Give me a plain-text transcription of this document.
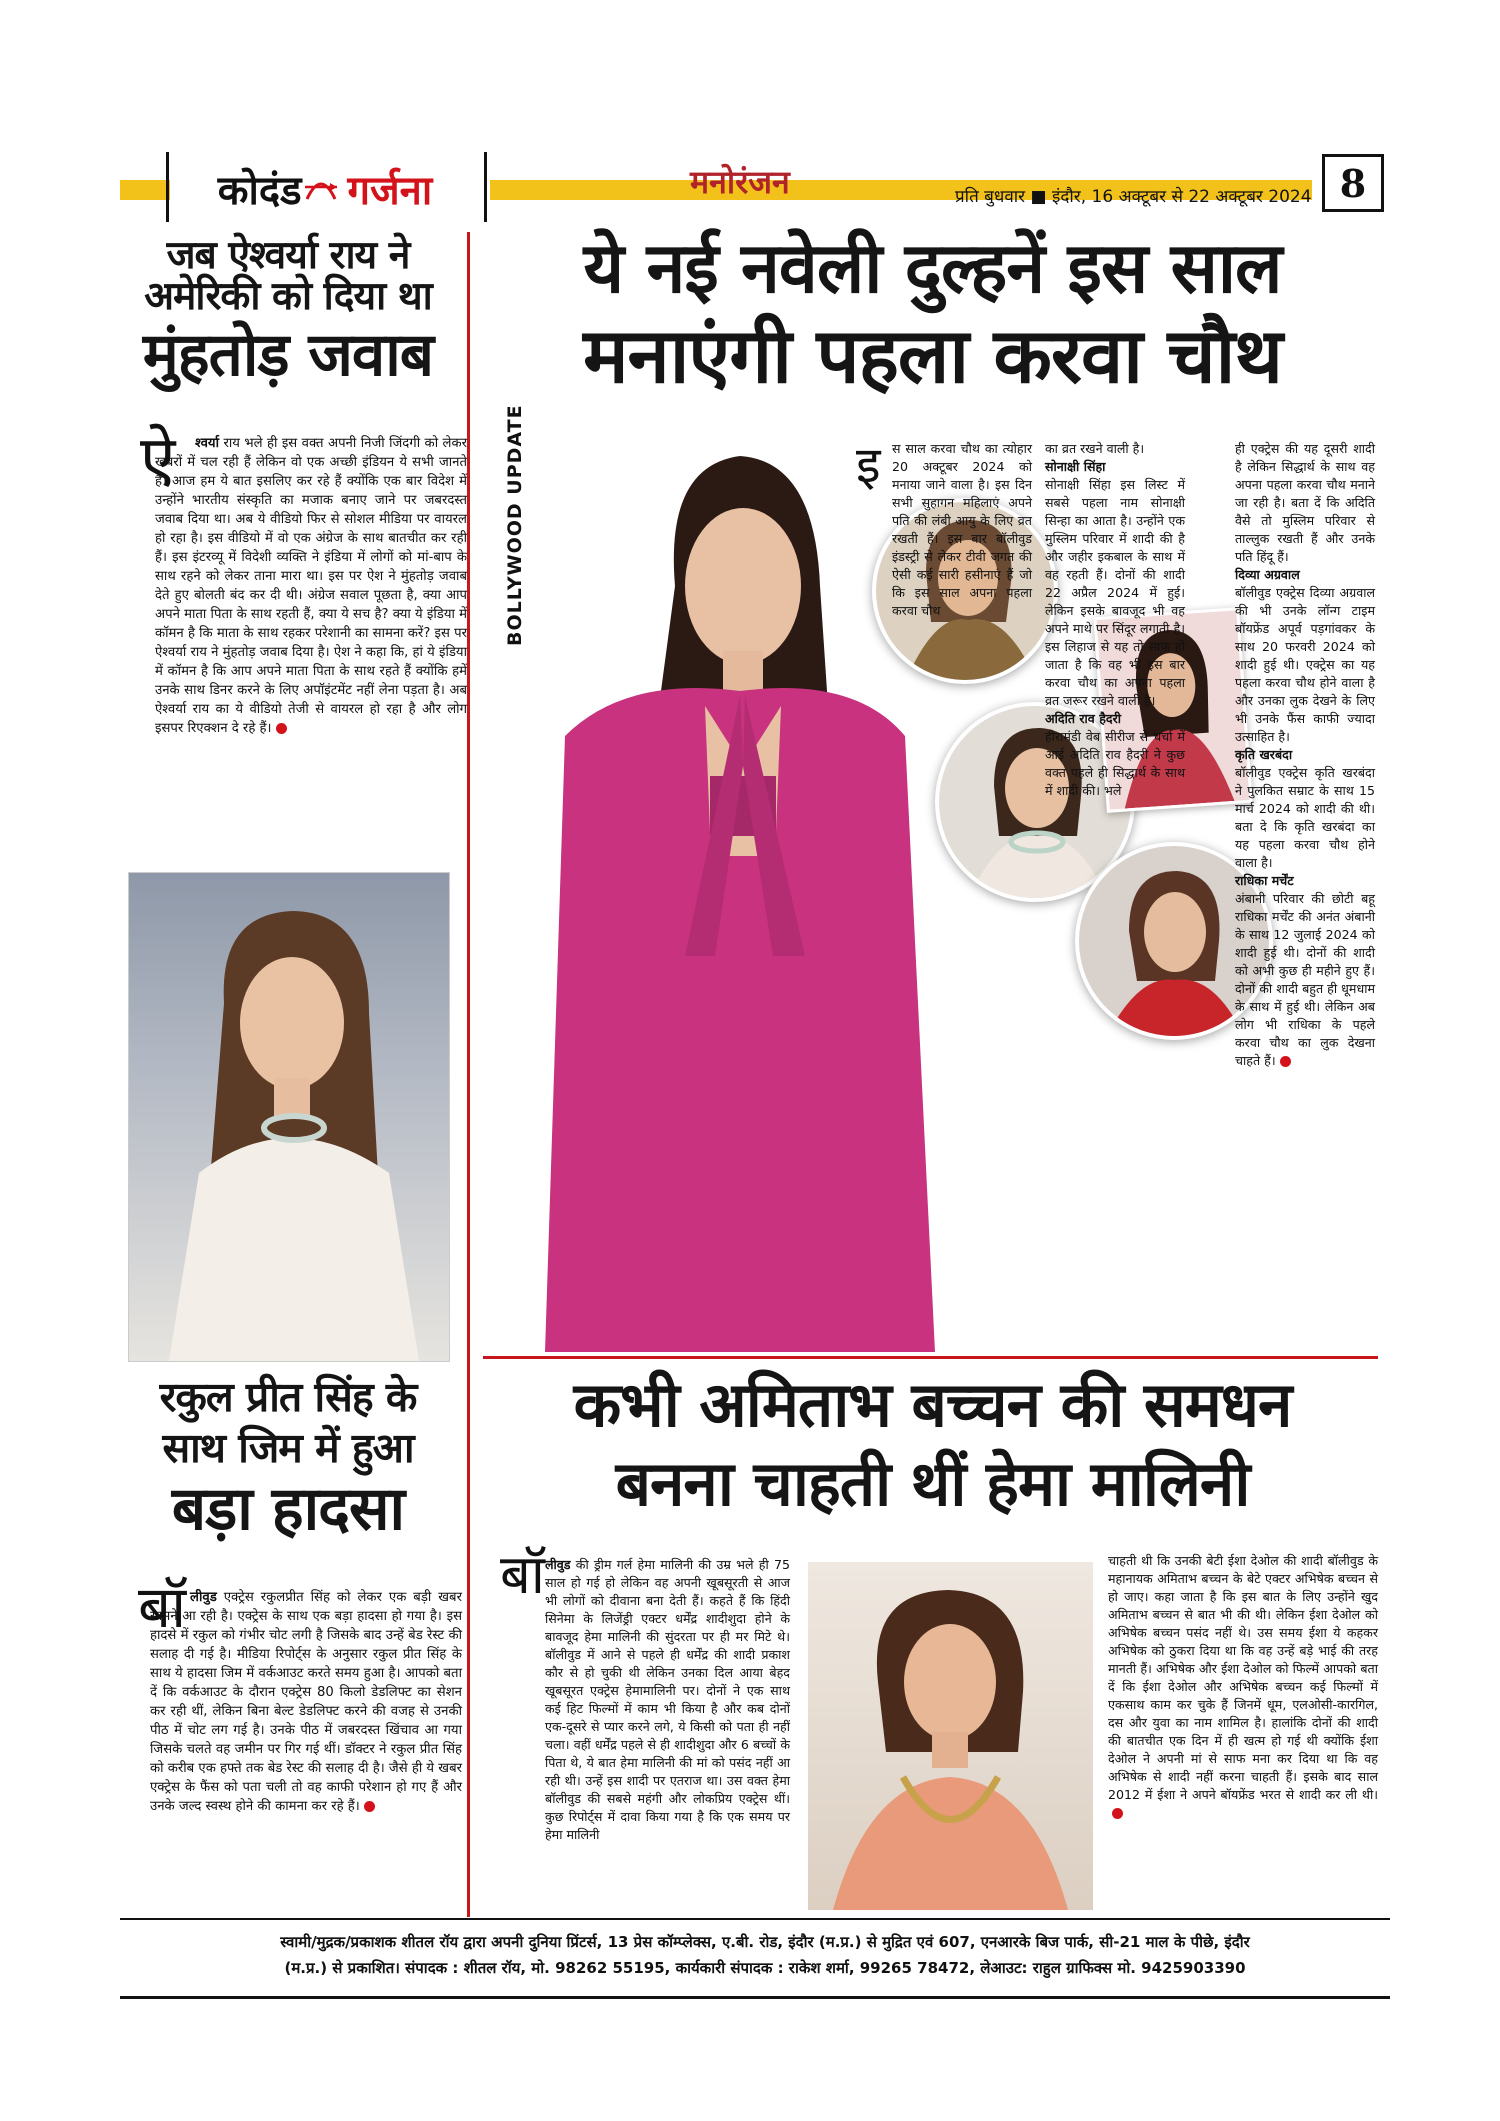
कोदंड गर्जना	मनोरंजन	प्रति बुधवार ■ इंदौर, 16 अक्टूबर से 22 अक्टूबर 2024 8
जब ऐश्वर्या राय ने
अमेरिकी को दिया था
मुंहतोड़ जवाब
ऐ	श्वर्या राय भले ही इस वक्त अपनी निजी जिंदगी को लेकर खबरों में चल रही हैं लेकिन वो एक अच्छी इंडियन ये सभी जानते हैं। आज हम ये बात इसलिए कर रहे हैं क्योंकि एक बार विदेश में उन्होंने भारतीय संस्कृति का मजाक बनाए जाने पर जबरदस्त जवाब दिया था। अब ये वीडियो फिर से सोशल मीडिया पर वायरल हो रहा है। इस वीडियो में वो एक अंग्रेज के साथ बातचीत कर रही हैं। इस इंटरव्यू में विदेशी व्यक्ति ने इंडिया में लोगों को मां-बाप के साथ रहने को लेकर ताना मारा था। इस पर ऐश ने मुंहतोड़ जवाब देते हुए बोलती बंद कर दी थी। अंग्रेज सवाल पूछता है, क्या आप अपने माता पिता के साथ रहती हैं, क्या ये सच है? क्या ये इंडिया में कॉमन है कि माता के साथ रहकर परेशानी का सामना करें? इस पर ऐश्वर्या राय ने मुंहतोड़ जवाब दिया है। ऐश ने कहा कि, हां ये इंडिया में कॉमन है कि आप अपने माता पिता के साथ रहते हैं क्योंकि हमें उनके साथ डिनर करने के लिए अपॉइंटमेंट नहीं लेना पड़ता है। अब ऐश्वर्या राय का ये वीडियो तेजी से वायरल हो रहा है और लोग इसपर रिएक्शन दे रहे हैं।

रकुल प्रीत सिंह के
साथ जिम में हुआ
बड़ा हादसा
बॉ लीवुड एक्ट्रेस रकुलप्रीत सिंह को लेकर एक बड़ी खबर सामने आ रही है। एक्ट्रेस के साथ एक बड़ा हादसा हो गया है। इस हादसे में रकुल को गंभीर चोट लगी है जिसके बाद उन्हें बेड रेस्ट की सलाह दी गई है। मीडिया रिपोर्ट्स के अनुसार रकुल प्रीत सिंह के साथ ये हादसा जिम में वर्कआउट करते समय हुआ है। आपको बता दें कि वर्कआउट के दौरान एक्ट्रेस 80 किलो डेडलिफ्ट का सेशन कर रही थीं, लेकिन बिना बेल्ट डेडलिफ्ट करने की वजह से उनकी पीठ में चोट लग गई है। उनके पीठ में जबरदस्त खिंचाव आ गया जिसके चलते वह जमीन पर गिर गई थीं। डॉक्टर ने रकुल प्रीत सिंह को करीब एक हफ्ते तक बेड रेस्ट की सलाह दी है। जैसे ही ये खबर एक्ट्रेस के फैंस को पता चली तो वह काफी परेशान हो गए हैं और उनके जल्द स्वस्थ होने की कामना कर रहे हैं।

ये नई नवेली दुल्हनें इस साल
मनाएंगी पहला करवा चौथ
BOLLYWOOD UPDATE	इ स साल करवा चौथ का त्योहार 20 अक्टूबर 2024 को मनाया जाने वाला है। इस दिन सभी सुहागन महिलाएं अपने पति की लंबी आयु के लिए व्रत रखती हैं। इस बार बॉलीवुड इंडस्ट्री से लेकर टीवी जगत की ऐसी कई सारी हसीनाएं हैं जो कि इस साल अपना पहला करवा चौथ

का व्रत रखने वाली है।
सोनाक्षी सिंहा
सोनाक्षी सिंहा इस लिस्ट में सबसे पहला नाम सोनाक्षी सिन्हा का आता है। उन्होंने एक मुस्लिम परिवार में शादी की है और जहीर इकबाल के साथ में वह रहती हैं। दोनों की शादी 22 अप्रैल 2024 में हुई। लेकिन इसके बावजूद भी वह अपने माथे पर सिंदूर लगाती है। इस लिहाज से यह तो साफ हो जाता है कि वह भी इस बार करवा चौथ का अपना पहला व्रत जरूर रखने वाली है।
अदिति राव हैदरी
हीरामंडी वेब सीरीज से चर्चा में आई अदिति राव हैदरी ने कुछ वक्त पहले ही सिद्धार्थ के साथ में शादी की। भले

ही एक्ट्रेस की यह दूसरी शादी है लेकिन सिद्धार्थ के साथ वह अपना पहला करवा चौथ मनाने जा रही है। बता दें कि अदिति वैसे तो मुस्लिम परिवार से ताल्लुक रखती हैं और उनके पति हिंदू हैं।
दिव्या अग्रवाल
बॉलीवुड एक्ट्रेस दिव्या अग्रवाल की भी उनके लॉन्ग टाइम बॉयफ्रेंड अपूर्व पड़गांवकर के साथ 20 फरवरी 2024 को शादी हुई थी। एक्ट्रेस का यह पहला करवा चौथ होने वाला है और उनका लुक देखने के लिए भी उनके फैंस काफी ज्यादा उत्साहित है।
कृति खरबंदा
बॉलीवुड एक्ट्रेस कृति खरबंदा ने पुलकित सम्राट के साथ 15 मार्च 2024 को शादी की थी। बता दे कि कृति खरबंदा का यह पहला करवा चौथ होने वाला है।
राधिका मर्चेंट
अंबानी परिवार की छोटी बहू राधिका मर्चेंट की अनंत अंबानी के साथ 12 जुलाई 2024 को शादी हुई थी। दोनों की शादी को अभी कुछ ही महीने हुए हैं। दोनों की शादी बहुत ही धूमधाम के साथ में हुई थी। लेकिन अब लोग भी राधिका के पहले करवा चौथ का लुक देखना चाहते हैं।

कभी अमिताभ बच्चन की समधन
बनना चाहती थीं हेमा मालिनी
बॉ लीवुड की ड्रीम गर्ल हेमा मालिनी की उम्र भले ही 75 साल हो गई हो लेकिन वह अपनी खूबसूरती से आज भी लोगों को दीवाना बना देती हैं। कहते हैं कि हिंदी सिनेमा के लिजेंड्री एक्टर धर्मेंद्र शादीशुदा होने के बावजूद हेमा मालिनी की सुंदरता पर ही मर मिटे थे। बॉलीवुड में आने से पहले ही धर्मेंद्र की शादी प्रकाश कौर से हो चुकी थी लेकिन उनका दिल आया बेहद खूबसूरत एक्ट्रेस हेमामालिनी पर। दोनों ने एक साथ कई हिट फिल्मों में काम भी किया है और कब दोनों एक-दूसरे से प्यार करने लगे, ये किसी को पता ही नहीं चला। वहीं धर्मेंद्र पहले से ही शादीशुदा और 6 बच्चों के पिता थे, ये बात हेमा मालिनी की मां को पसंद नहीं आ रही थी। उन्हें इस शादी पर एतराज था। उस वक्त हेमा बॉलीवुड की सबसे महंगी और लोकप्रिय एक्ट्रेस थीं। कुछ रिपोर्ट्स में दावा किया गया है कि एक समय पर हेमा मालिनी

चाहती थी कि उनकी बेटी ईशा देओल की शादी बॉलीवुड के महानायक अमिताभ बच्चन के बेटे एक्टर अभिषेक बच्चन से हो जाए। कहा जाता है कि इस बात के लिए उन्होंने खुद अमिताभ बच्चन से बात भी की थी। लेकिन ईशा देओल को अभिषेक बच्चन पसंद नहीं थे। उस समय ईशा ये कहकर अभिषेक को ठुकरा दिया था कि वह उन्हें बड़े भाई की तरह मानती हैं। अभिषेक और ईशा देओल को फिल्में आपको बता दें कि ईशा देओल और अभिषेक बच्चन कई फिल्मों में एकसाथ काम कर चुके हैं जिनमें धूम, एलओसी-कारगिल, दस और युवा का नाम शामिल है। हालांकि दोनों की शादी की बातचीत एक दिन में ही खत्म हो गई थी क्योंकि ईशा देओल ने अपनी मां से साफ मना कर दिया था कि वह अभिषेक से शादी नहीं करना चाहती हैं। इसके बाद साल 2012 में ईशा ने अपने बॉयफ्रेंड भरत से शादी कर ली थी।

स्वामी/मुद्रक/प्रकाशक शीतल रॉय द्वारा अपनी दुनिया प्रिंटर्स, 13 प्रेस कॉम्प्लेक्स, ए.बी. रोड, इंदौर (म.प्र.) से मुद्रित एवं 607, एनआरके बिज पार्क, सी-21 माल के पीछे, इंदौर
(म.प्र.) से प्रकाशित। संपादक : शीतल रॉय, मो. 98262 55195, कार्यकारी संपादक : राकेश शर्मा, 99265 78472, लेआउट: राहुल ग्राफिक्स मो. 9425903390
